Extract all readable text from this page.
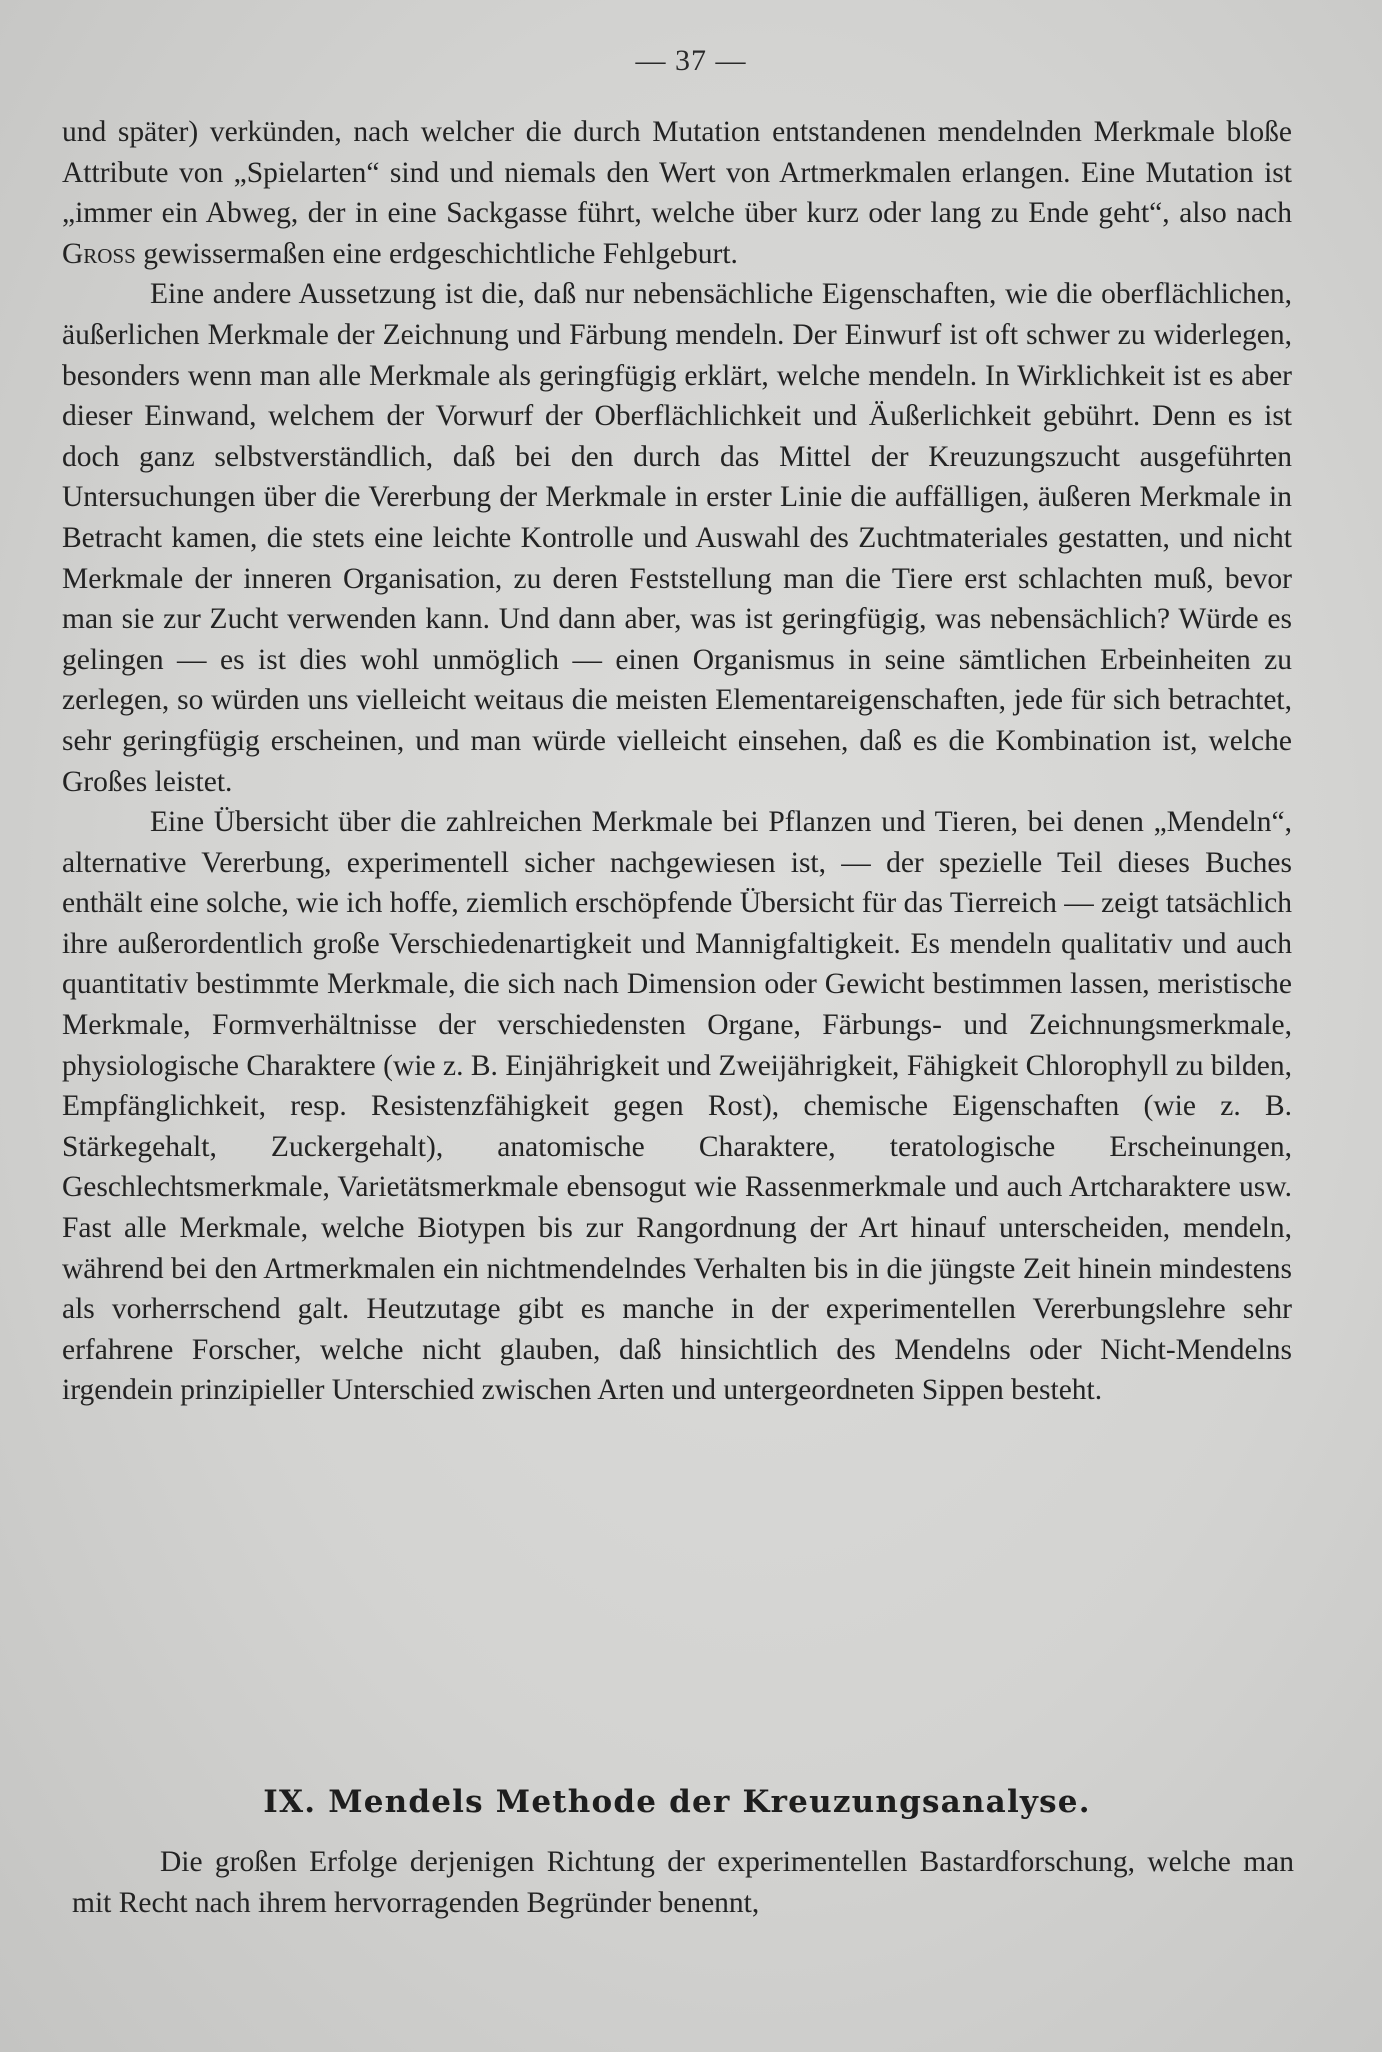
— 37 —

und später) verkünden, nach welcher die durch Mutation entstandenen mendelnden Merkmale bloße Attribute von „Spielarten“ sind und niemals den Wert von Artmerkmalen erlangen. Eine Mutation ist „immer ein Abweg, der in eine Sackgasse führt, welche über kurz oder lang zu Ende geht“, also nach Gross gewissermaßen eine erdgeschichtliche Fehlgeburt.

Eine andere Aussetzung ist die, daß nur nebensächliche Eigenschaften, wie die oberflächlichen, äußerlichen Merkmale der Zeichnung und Färbung mendeln. Der Einwurf ist oft schwer zu widerlegen, besonders wenn man alle Merkmale als geringfügig erklärt, welche mendeln. In Wirklichkeit ist es aber dieser Einwand, welchem der Vorwurf der Oberflächlichkeit und Äußerlichkeit gebührt. Denn es ist doch ganz selbstverständlich, daß bei den durch das Mittel der Kreuzungszucht ausgeführten Untersuchungen über die Vererbung der Merkmale in erster Linie die auffälligen, äußeren Merkmale in Betracht kamen, die stets eine leichte Kontrolle und Auswahl des Zuchtmateriales gestatten, und nicht Merkmale der inneren Organisation, zu deren Feststellung man die Tiere erst schlachten muß, bevor man sie zur Zucht verwenden kann. Und dann aber, was ist geringfügig, was nebensächlich? Würde es gelingen — es ist dies wohl unmöglich — einen Organismus in seine sämtlichen Erbeinheiten zu zerlegen, so würden uns vielleicht weitaus die meisten Elementareigenschaften, jede für sich betrachtet, sehr geringfügig erscheinen, und man würde vielleicht einsehen, daß es die Kombination ist, welche Großes leistet.

Eine Übersicht über die zahlreichen Merkmale bei Pflanzen und Tieren, bei denen „Mendeln“, alternative Vererbung, experimentell sicher nachgewiesen ist, — der spezielle Teil dieses Buches enthält eine solche, wie ich hoffe, ziemlich erschöpfende Übersicht für das Tierreich — zeigt tatsächlich ihre außerordentlich große Verschiedenartigkeit und Mannigfaltigkeit. Es mendeln qualitativ und auch quantitativ bestimmte Merkmale, die sich nach Dimension oder Gewicht bestimmen lassen, meristische Merkmale, Formverhältnisse der verschiedensten Organe, Färbungs- und Zeichnungsmerkmale, physiologische Charaktere (wie z. B. Einjährigkeit und Zweijährigkeit, Fähigkeit Chlorophyll zu bilden, Empfänglichkeit, resp. Resistenzfähigkeit gegen Rost), chemische Eigenschaften (wie z. B. Stärkegehalt, Zuckergehalt), anatomische Charaktere, teratologische Erscheinungen, Geschlechtsmerkmale, Varietätsmerkmale ebensogut wie Rassenmerkmale und auch Artcharaktere usw. Fast alle Merkmale, welche Biotypen bis zur Rangordnung der Art hinauf unterscheiden, mendeln, während bei den Artmerkmalen ein nichtmendelndes Verhalten bis in die jüngste Zeit hinein mindestens als vorherrschend galt. Heutzutage gibt es manche in der experimentellen Vererbungslehre sehr erfahrene Forscher, welche nicht glauben, daß hinsichtlich des Mendelns oder Nicht-Mendelns irgendein prinzipieller Unterschied zwischen Arten und untergeordneten Sippen besteht.

IX. Mendels Methode der Kreuzungsanalyse.

Die großen Erfolge derjenigen Richtung der experimentellen Bastardforschung, welche man mit Recht nach ihrem hervorragenden Begründer benennt,
